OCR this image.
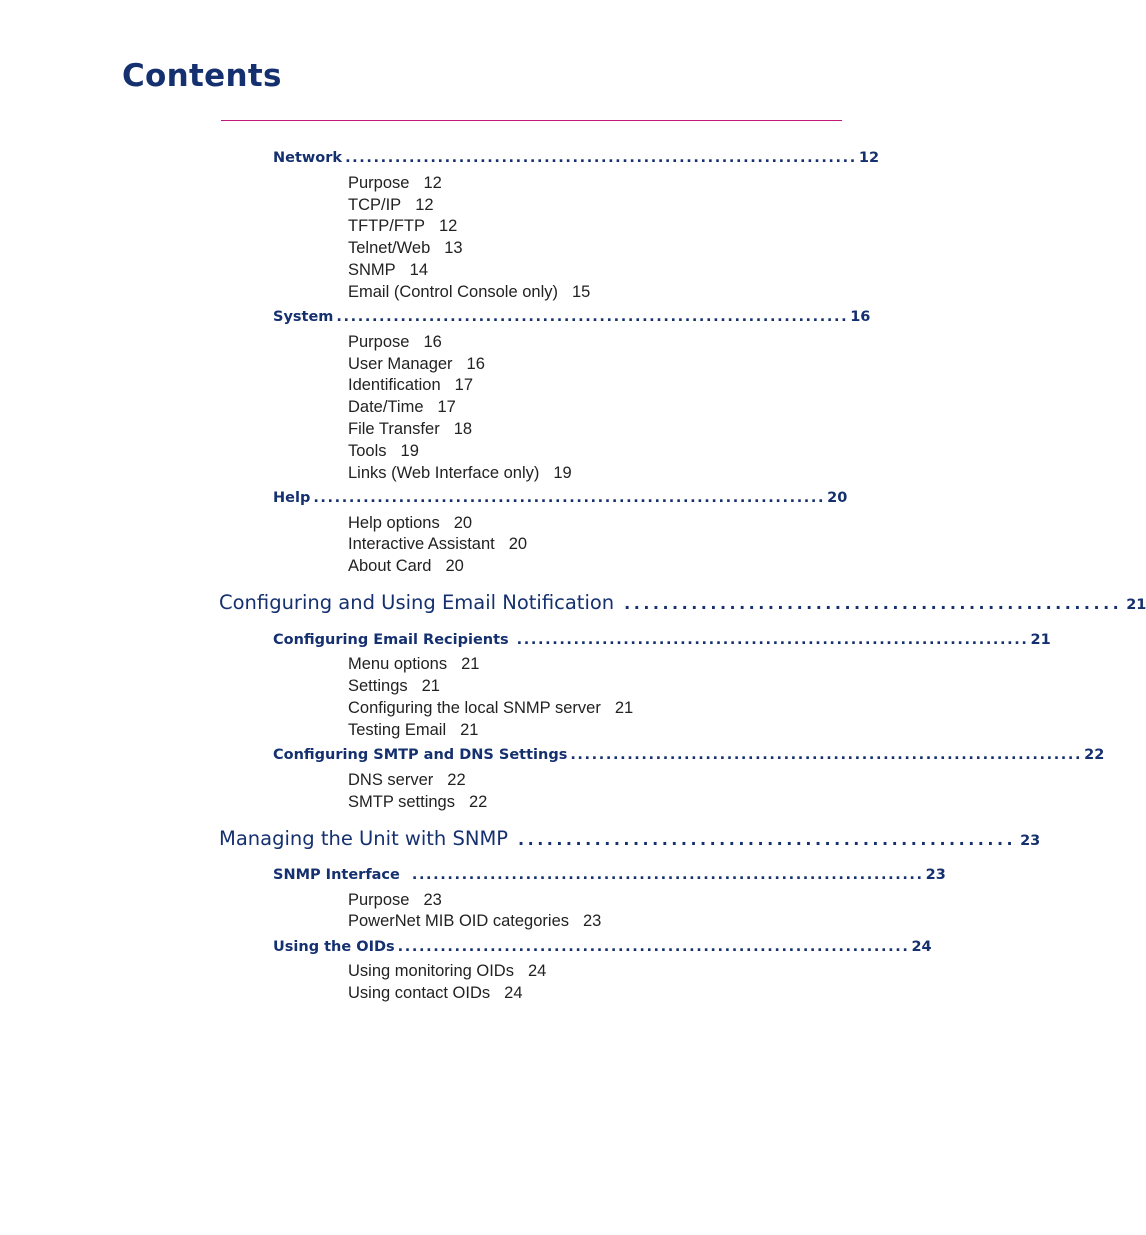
Contents
Network ........................................................................ 12
Purpose 12
TCP/IP 12
TFTP/FTP 12
Telnet/Web 13
SNMP 14
Email (Control Console only) 15
System ........................................................................ 16
Purpose 16
User Manager 16
Identification 17
Date/Time 17
File Transfer 18
Tools 19
Links (Web Interface only) 19
Help ........................................................................ 20
Help options 20
Interactive Assistant 20
About Card 20
Configuring and Using Email Notification .................................................... 21
Configuring Email Recipients ........................................................................ 21
Menu options 21
Settings 21
Configuring the local SNMP server 21
Testing Email 21
Configuring SMTP and DNS Settings ........................................................................ 22
DNS server 22
SMTP settings 22
Managing the Unit with SNMP .................................................... 23
SNMP Interface ........................................................................ 23
Purpose 23
PowerNet MIB OID categories 23
Using the OIDs ........................................................................ 24
Using monitoring OIDs 24
Using contact OIDs 24
